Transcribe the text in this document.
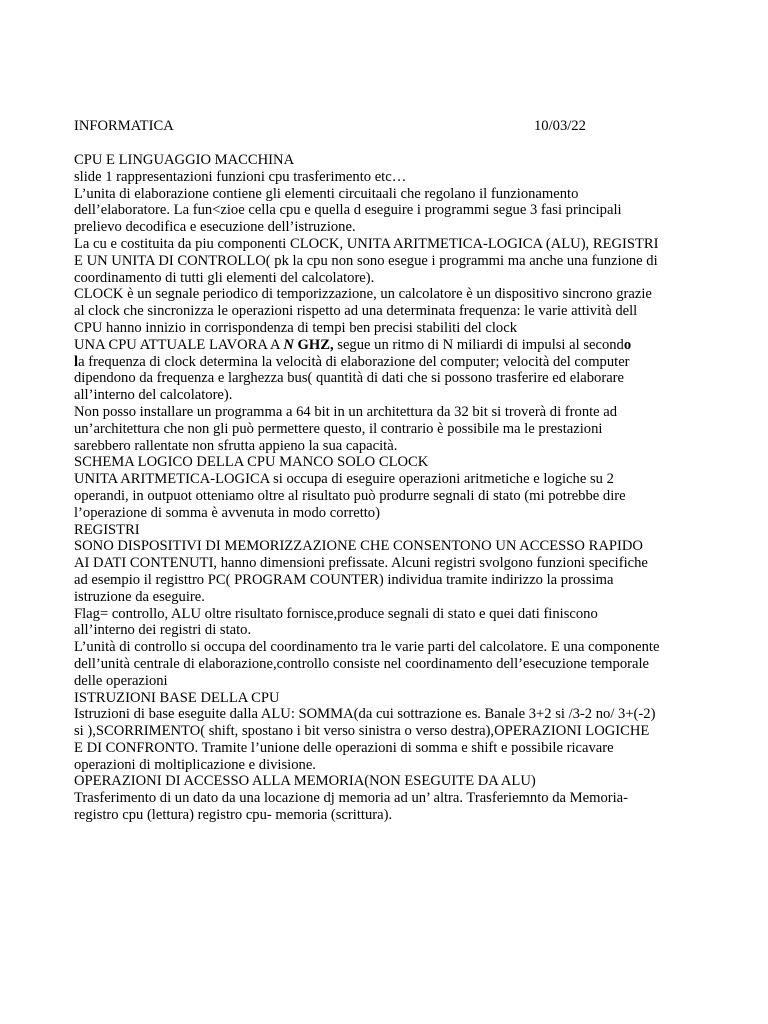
INFORMATICA	10/03/22
CPU E LINGUAGGIO MACCHINA
slide 1 rappresentazioni funzioni cpu trasferimento etc…
L’unita di elaborazione contiene gli elementi circuitaali che regolano il funzionamento
dell’elaboratore. La fun<zioe cella cpu e quella d eseguire i programmi segue 3 fasi principali
prelievo decodifica e esecuzione dell’istruzione.
La cu e costituita da piu componenti CLOCK, UNITA ARITMETICA-LOGICA (ALU), REGISTRI
E UN UNITA DI CONTROLLO( pk la cpu non sono esegue i programmi ma anche una funzione di
coordinamento di tutti gli elementi del calcolatore).
CLOCK è un segnale periodico di temporizzazione, un calcolatore è un dispositivo sincrono grazie
al clock che sincronizza le operazioni rispetto ad una determinata frequenza: le varie attività dell
CPU hanno innizio in corrispondenza di tempi ben precisi stabiliti del clock
UNA CPU ATTUALE LAVORA A N GHZ, segue un ritmo di N miliardi di impulsi al secondo
la frequenza di clock determina la velocità di elaborazione del computer; velocità del computer
dipendono da frequenza e larghezza bus( quantità di dati che si possono trasferire ed elaborare
all’interno del calcolatore).
Non posso installare un programma a 64 bit in un architettura da 32 bit si troverà di fronte ad
un’architettura che non gli può permettere questo, il contrario è possibile ma le prestazioni
sarebbero rallentate non sfrutta appieno la sua capacità.
SCHEMA LOGICO DELLA CPU MANCO SOLO CLOCK
UNITA ARITMETICA-LOGICA si occupa di eseguire operazioni aritmetiche e logiche su 2
operandi, in outpuot otteniamo oltre al risultato può produrre segnali di stato (mi potrebbe dire
l’operazione di somma è avvenuta in modo corretto)
REGISTRI
SONO DISPOSITIVI DI MEMORIZZAZIONE CHE CONSENTONO UN ACCESSO RAPIDO
AI DATI CONTENUTI, hanno dimensioni prefissate. Alcuni registri svolgono funzioni specifiche
ad esempio il registtro PC( PROGRAM COUNTER) individua tramite indirizzo la prossima
istruzione da eseguire.
Flag= controllo, ALU oltre risultato fornisce,produce segnali di stato e quei dati finiscono
all’interno dei registri di stato.
L’unità di controllo si occupa del coordinamento tra le varie parti del calcolatore. E una componente
dell’unità centrale di elaborazione,controllo consiste nel coordinamento dell’esecuzione temporale
delle operazioni
ISTRUZIONI BASE DELLA CPU
Istruzioni di base eseguite dalla ALU: SOMMA(da cui sottrazione es. Banale 3+2 si /3-2 no/ 3+(-2)
si ),SCORRIMENTO( shift, spostano i bit verso sinistra o verso destra),OPERAZIONI LOGICHE
E DI CONFRONTO. Tramite l’unione delle operazioni di somma e shift e possibile ricavare
operazioni di moltiplicazione e divisione.
OPERAZIONI DI ACCESSO ALLA MEMORIA(NON ESEGUITE DA ALU)
Trasferimento di un dato da una locazione dj memoria ad un’ altra. Trasferiemnto da Memoria-
registro cpu (lettura) registro cpu- memoria (scrittura).
